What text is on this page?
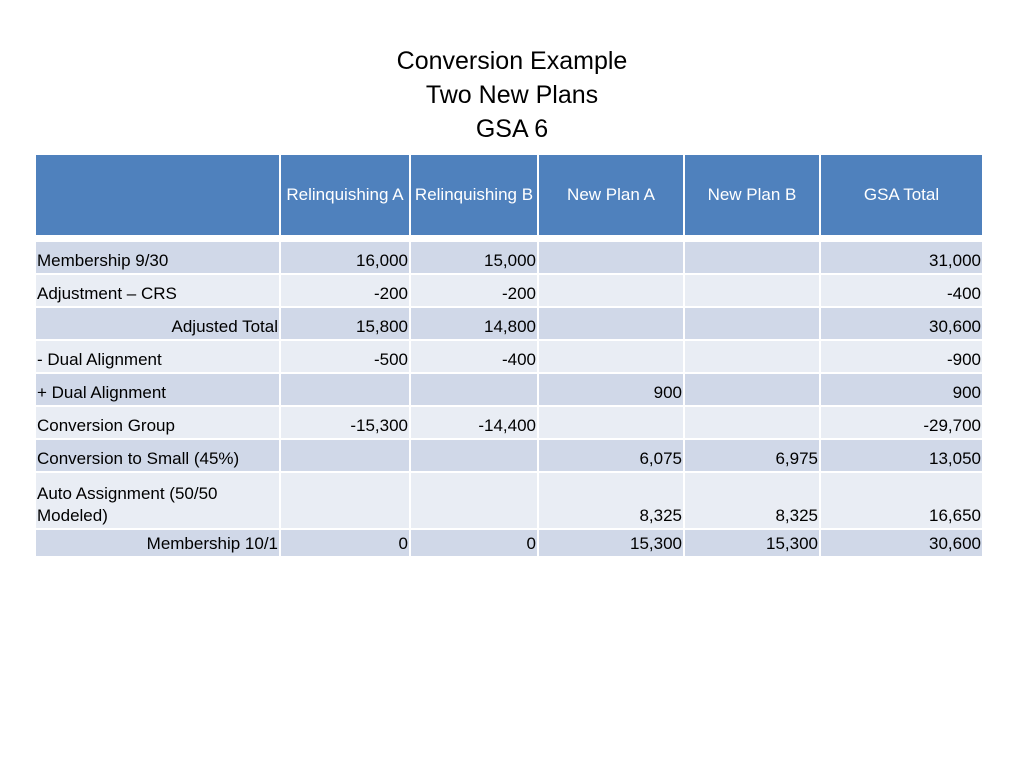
Conversion Example
Two New Plans
GSA 6
	Relinquishing A	Relinquishing B	New Plan A	New Plan B	GSA Total

Membership 9/30	16,000	15,000			31,000
Adjustment – CRS	-200	-200			-400
Adjusted Total	15,800	14,800			30,600
- Dual Alignment	-500	-400			-900
+ Dual Alignment			900		900
Conversion Group	-15,300	-14,400			-29,700
Conversion to Small (45%)			6,075	6,975	13,050
Auto Assignment (50/50 Modeled)			8,325	8,325	16,650
Membership 10/1	0	0	15,300	15,300	30,600
